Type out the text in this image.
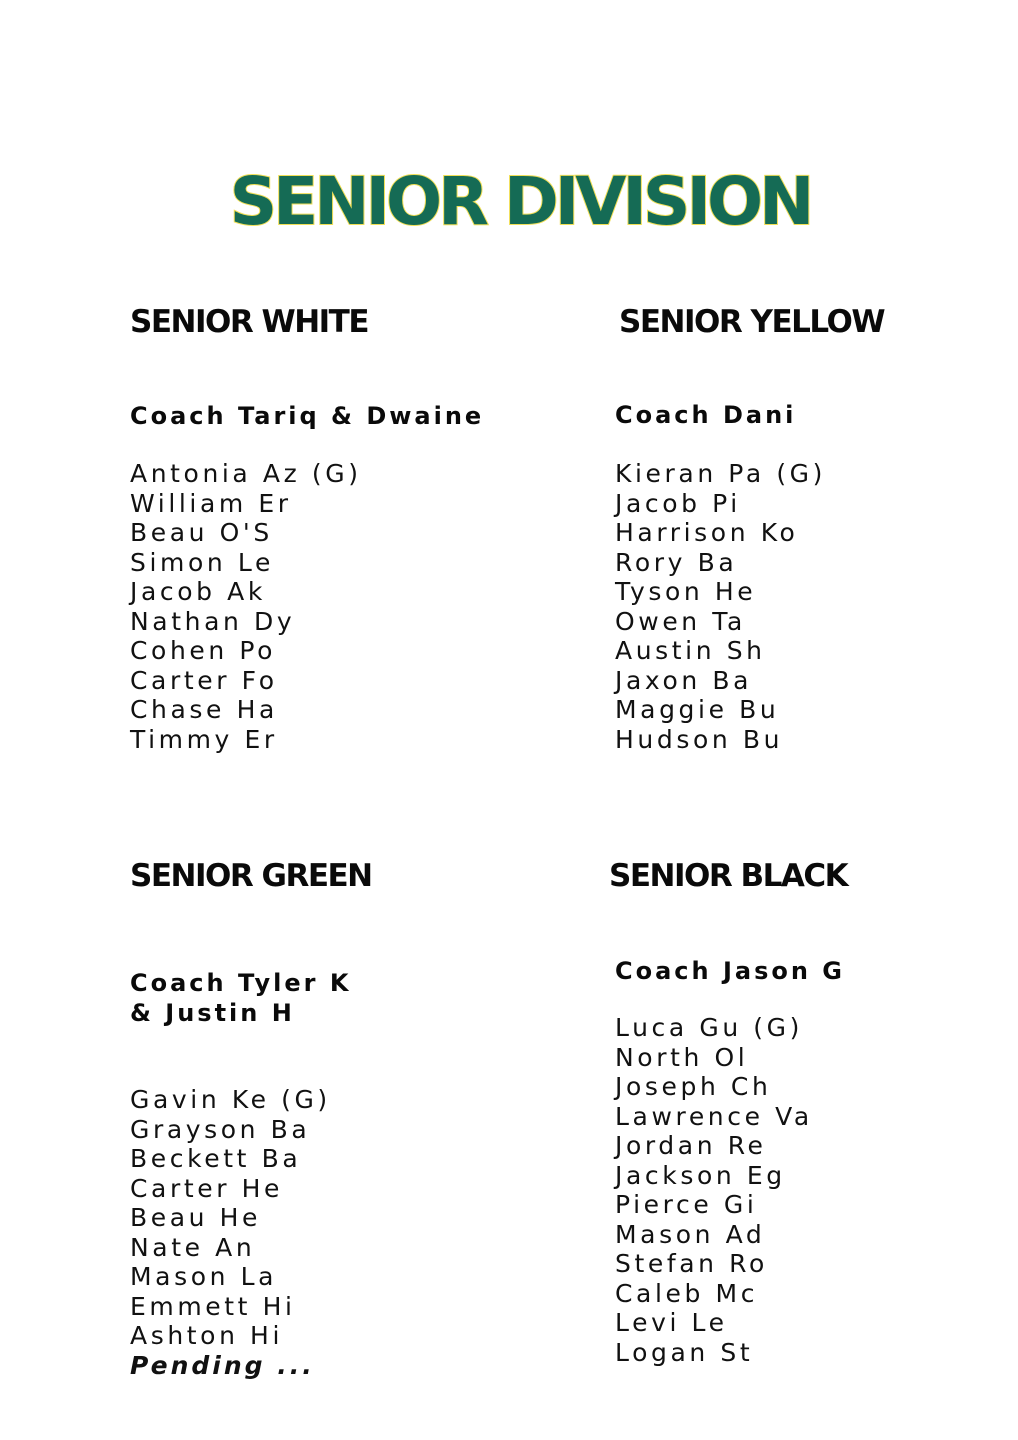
SENIOR DIVISION
SENIOR WHITE
Coach Tariq & Dwaine
Antonia Az (G)
William Er
Beau O'S
Simon Le
Jacob Ak
Nathan Dy
Cohen Po
Carter Fo
Chase Ha
Timmy Er
SENIOR YELLOW
Coach Dani
Kieran Pa (G)
Jacob Pi
Harrison Ko
Rory Ba
Tyson He
Owen Ta
Austin Sh
Jaxon Ba
Maggie Bu
Hudson Bu
SENIOR GREEN
Coach Tyler K
& Justin H
Gavin Ke (G)
Grayson Ba
Beckett Ba
Carter He
Beau He
Nate An
Mason La
Emmett Hi
Ashton Hi
Pending ...
SENIOR BLACK
Coach Jason G
Luca Gu (G)
North Ol
Joseph Ch
Lawrence Va
Jordan Re
Jackson Eg
Pierce Gi
Mason Ad
Stefan Ro
Caleb Mc
Levi Le
Logan St
